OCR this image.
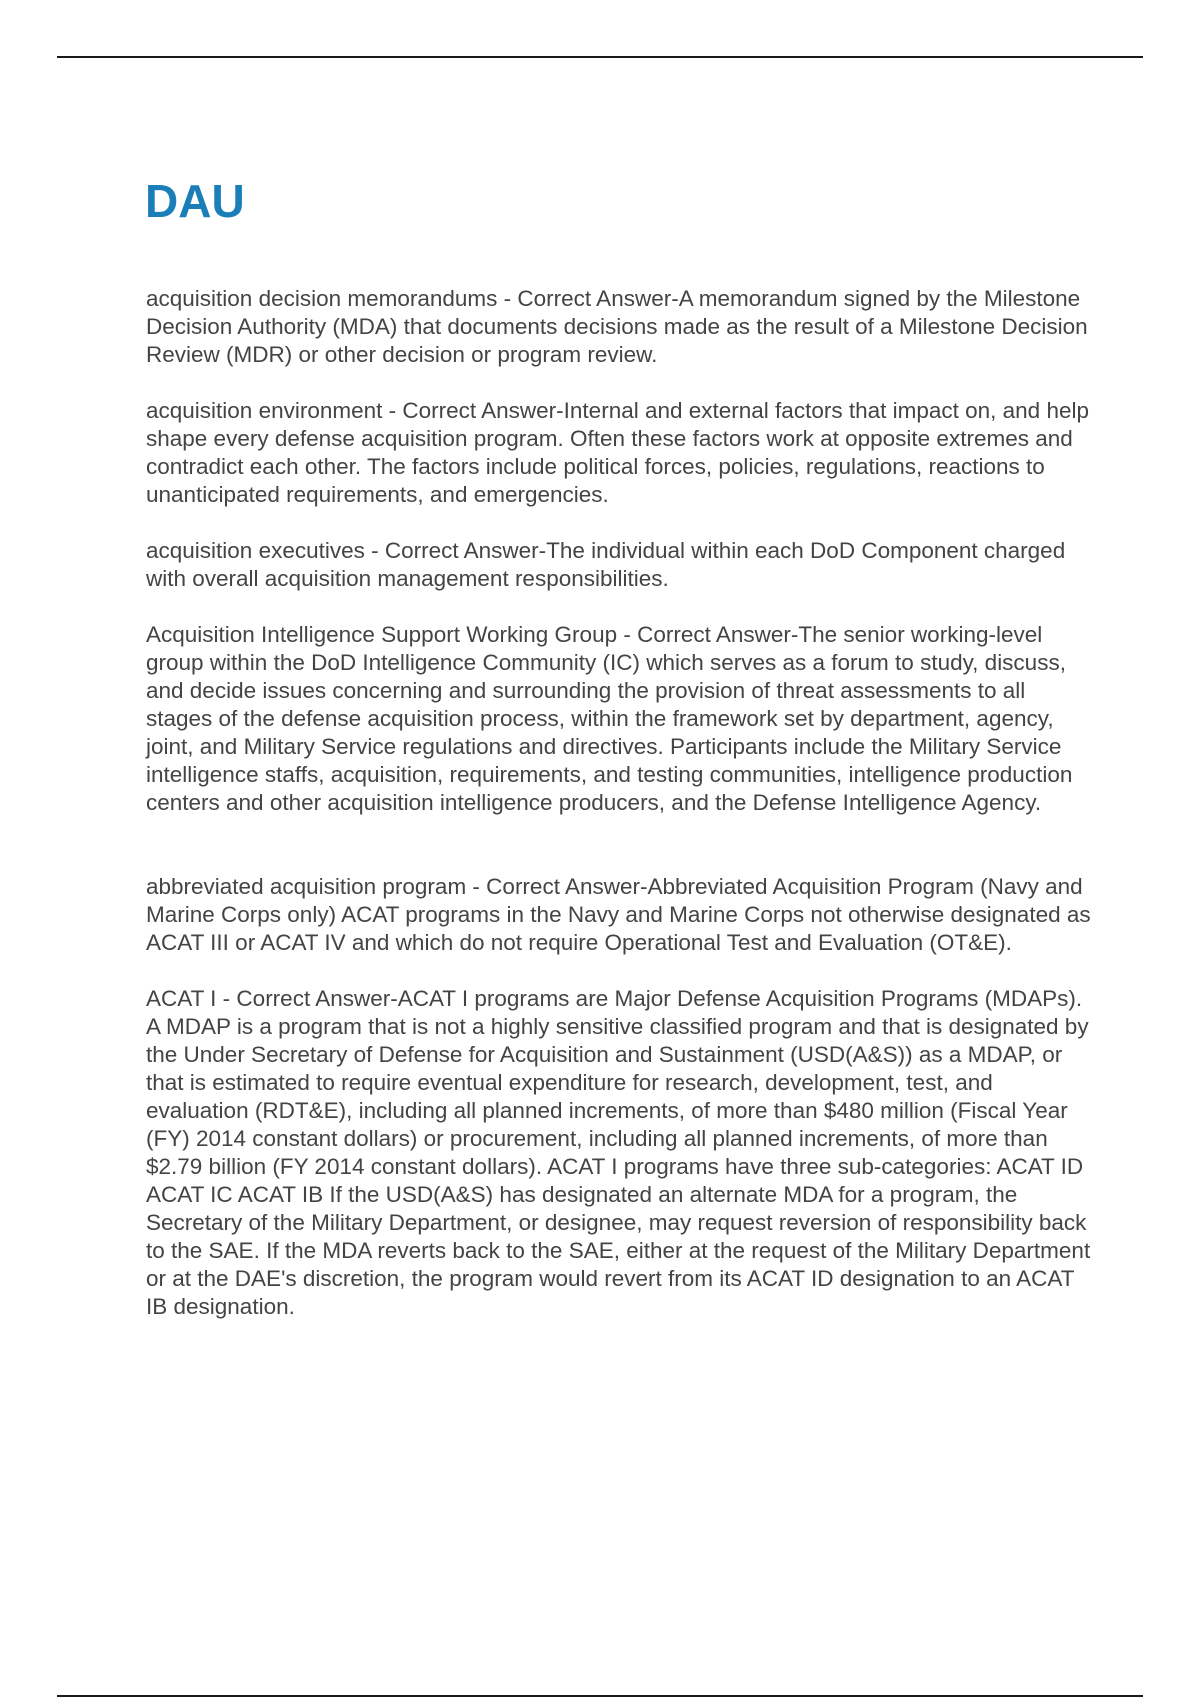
DAU

acquisition decision memorandums - Correct Answer-A memorandum signed by the Milestone Decision Authority (MDA) that documents decisions made as the result of a Milestone Decision Review (MDR) or other decision or program review.

acquisition environment - Correct Answer-Internal and external factors that impact on, and help shape every defense acquisition program. Often these factors work at opposite extremes and contradict each other. The factors include political forces, policies, regulations, reactions to unanticipated requirements, and emergencies.

acquisition executives - Correct Answer-The individual within each DoD Component charged with overall acquisition management responsibilities.

Acquisition Intelligence Support Working Group - Correct Answer-The senior working-level group within the DoD Intelligence Community (IC) which serves as a forum to study, discuss, and decide issues concerning and surrounding the provision of threat assessments to all stages of the defense acquisition process, within the framework set by department, agency, joint, and Military Service regulations and directives. Participants include the Military Service intelligence staffs, acquisition, requirements, and testing communities, intelligence production centers and other acquisition intelligence producers, and the Defense Intelligence Agency.

abbreviated acquisition program - Correct Answer-Abbreviated Acquisition Program (Navy and Marine Corps only) ACAT programs in the Navy and Marine Corps not otherwise designated as ACAT III or ACAT IV and which do not require Operational Test and Evaluation (OT&E).

ACAT I - Correct Answer-ACAT I programs are Major Defense Acquisition Programs (MDAPs). A MDAP is a program that is not a highly sensitive classified program and that is designated by the Under Secretary of Defense for Acquisition and Sustainment (USD(A&S)) as a MDAP, or that is estimated to require eventual expenditure for research, development, test, and evaluation (RDT&E), including all planned increments, of more than $480 million (Fiscal Year (FY) 2014 constant dollars) or procurement, including all planned increments, of more than $2.79 billion (FY 2014 constant dollars). ACAT I programs have three sub-categories: ACAT ID ACAT IC ACAT IB If the USD(A&S) has designated an alternate MDA for a program, the Secretary of the Military Department, or designee, may request reversion of responsibility back to the SAE. If the MDA reverts back to the SAE, either at the request of the Military Department or at the DAE's discretion, the program would revert from its ACAT ID designation to an ACAT IB designation.
